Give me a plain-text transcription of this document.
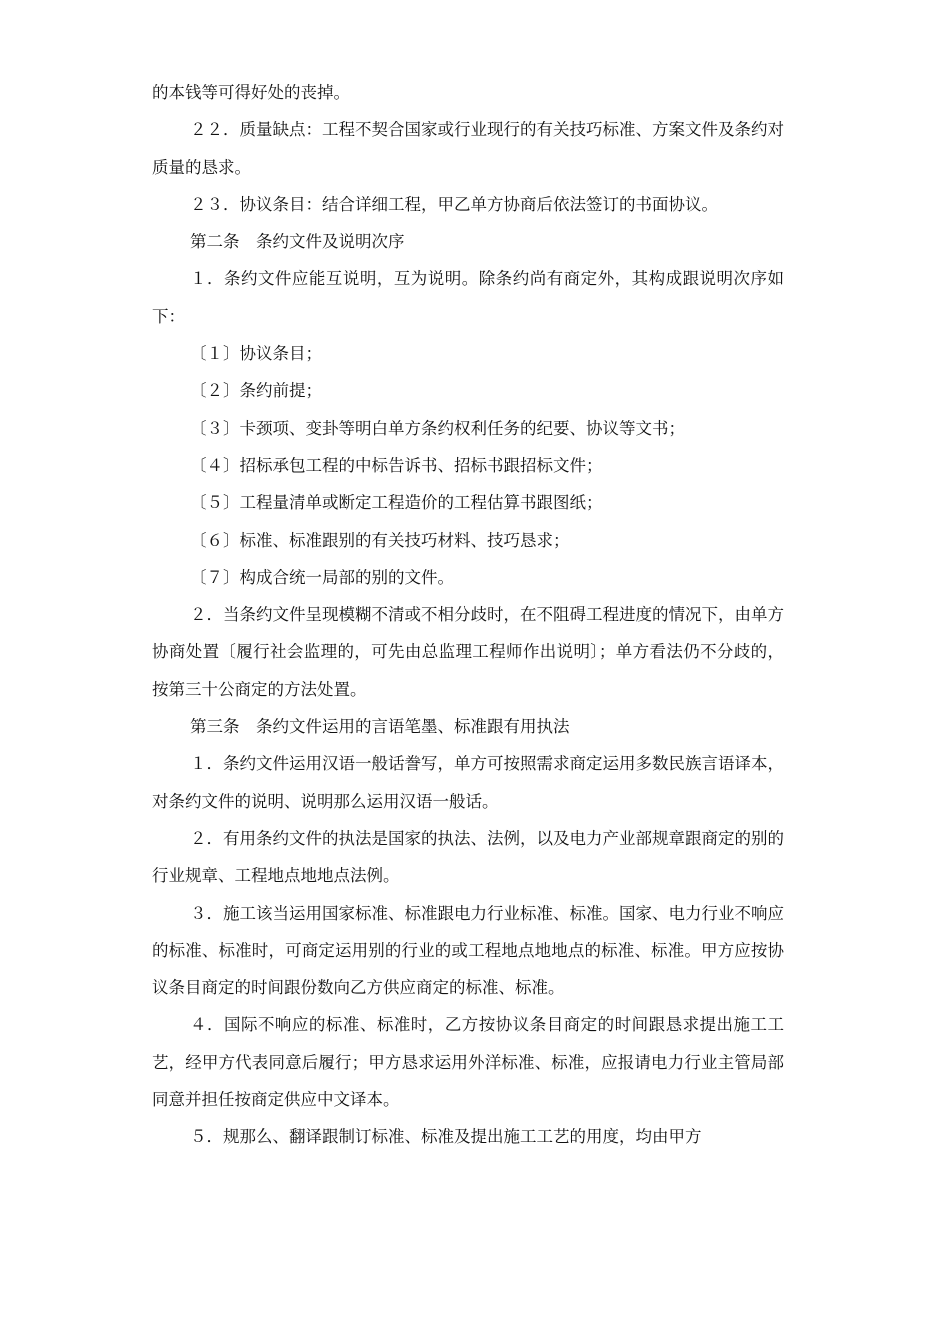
的本钱等可得好处的丧掉。

２２．质量缺点：工程不契合国家或行业现行的有关技巧标准、方案文件及条约对质量的恳求。

２３．协议条目：结合详细工程，甲乙单方协商后依法签订的书面协议。

第二条　条约文件及说明次序

１．条约文件应能互说明，互为说明。除条约尚有商定外，其构成跟说明次序如下：

〔１〕协议条目；

〔２〕条约前提；

〔３〕卡颈项、变卦等明白单方条约权利任务的纪要、协议等文书；

〔４〕招标承包工程的中标告诉书、招标书跟招标文件；

〔５〕工程量清单或断定工程造价的工程估算书跟图纸；

〔６〕标准、标准跟别的有关技巧材料、技巧恳求；

〔７〕构成合统一局部的别的文件。

２．当条约文件呈现模糊不清或不相分歧时，在不阻碍工程进度的情况下，由单方协商处置〔履行社会监理的，可先由总监理工程师作出说明〕；单方看法仍不分歧的，按第三十公商定的方法处置。

第三条　条约文件运用的言语笔墨、标准跟有用执法

１．条约文件运用汉语一般话誊写，单方可按照需求商定运用多数民族言语译本，对条约文件的说明、说明那么运用汉语一般话。

２．有用条约文件的执法是国家的执法、法例，以及电力产业部规章跟商定的别的行业规章、工程地点地地点法例。

３．施工该当运用国家标准、标准跟电力行业标准、标准。国家、电力行业不响应的标准、标准时，可商定运用别的行业的或工程地点地地点的标准、标准。甲方应按协议条目商定的时间跟份数向乙方供应商定的标准、标准。

４．国际不响应的标准、标准时，乙方按协议条目商定的时间跟恳求提出施工工艺，经甲方代表同意后履行；甲方恳求运用外洋标准、标准，应报请电力行业主管局部同意并担任按商定供应中文译本。

５．规那么、翻译跟制订标准、标准及提出施工工艺的用度，均由甲方
